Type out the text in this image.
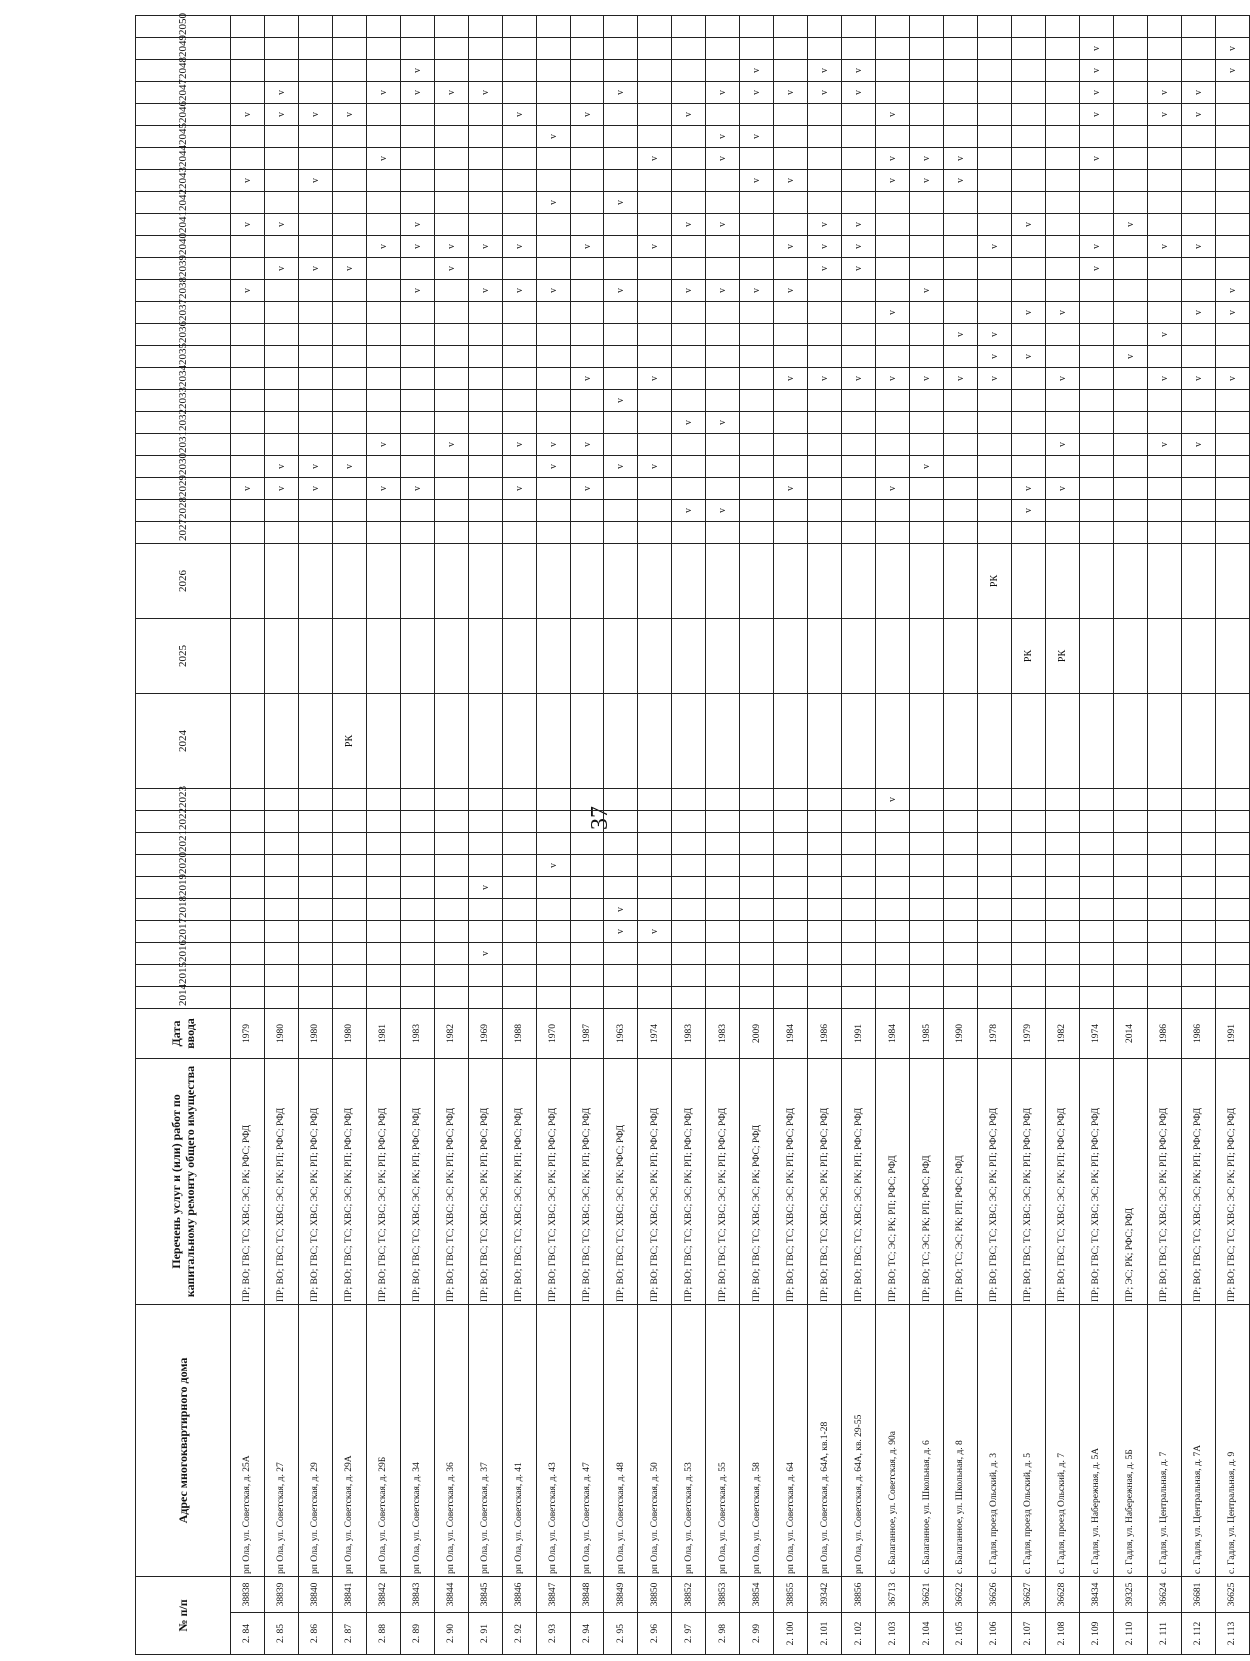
37
№ п/п		Адрес многоквартирного дома	Перечень услуг и (или) работ по капитальному ремонту общего имущества	Дата ввода	2014	2015	2016	2017	2018	2019	2020	2021	2022	2023	2024	2025	2026	2027	2028	2029	2030	2031	2032	2033	2034	2035	2036	2037	2038	2039	2040	2041	2042	2043	2044	2045	2046	2047	2048	2049	2050
2. 84	38838	рп Ола, ул. Советская, д. 25А	ПР; ВО; ГВС; ТС; ХВС; ЭС; РК; РФС; РФД	1979																v									v			v		v			v				
2. 85	38839	рп Ола, ул. Советская, д. 27	ПР; ВО; ГВС; ТС; ХВС; ЭС; РК; РП; РФС; РФД	1980																v	v									v		v					v	v			
2. 86	38840	рп Ола, ул. Советская, д. 29	ПР; ВО; ГВС; ТС; ХВС; ЭС; РК; РП; РФС; РФД	1980																v	v									v				v			v				
2. 87	38841	рп Ола, ул. Советская, д. 29А	ПР; ВО; ГВС; ТС; ХВС; ЭС; РК; РП; РФС; РФД	1980											РК						v									v							v				
2. 88	38842	рп Ола, ул. Советская, д. 29Б	ПР; ВО; ГВС; ТС; ХВС; ЭС; РК; РП; РФС; РФД	1981																v		v									v				v			v			
2. 89	38843	рп Ола, ул. Советская, д. 34	ПР; ВО; ГВС; ТС; ХВС; ЭС; РК; РП; РФС; РФД	1983																v									v		v	v						v	v		
2. 90	38844	рп Ола, ул. Советская, д. 36	ПР; ВО; ГВС; ТС; ХВС; ЭС; РК; РП; РФС; РФД	1982																		v								v	v							v			
2. 91	38845	рп Ола, ул. Советская, д. 37	ПР; ВО; ГВС; ТС; ХВС; ЭС; РК; РП; РФС; РФД	1969			v			v																			v		v							v			
2. 92	38846	рп Ола, ул. Советская, д. 41	ПР; ВО; ГВС; ТС; ХВС; ЭС; РК; РП; РФС; РФД	1988																v		v							v		v						v				
2. 93	38847	рп Ола, ул. Советская, д. 43	ПР; ВО; ГВС; ТС; ХВС; ЭС; РК; РП; РФС; РФД	1970							v										v	v							v				v			v					
2. 94	38848	рп Ола, ул. Советская, д. 47	ПР; ВО; ГВС; ТС; ХВС; ЭС; РК; РП; РФС; РФД	1987																v		v			v						v						v				
2. 95	38849	рп Ола, ул. Советская, д. 48	ПР; ВО; ГВС; ТС; ХВС; ЭС; РК; РФС; РФД	1963				v	v												v			v					v				v					v			
2. 96	38850	рп Ола, ул. Советская, д. 50	ПР; ВО; ГВС; ТС; ХВС; ЭС; РК; РП; РФС; РФД	1974				v													v				v						v				v						
2. 97	38852	рп Ола, ул. Советская, д. 53	ПР; ВО; ГВС; ТС; ХВС; ЭС; РК; РП; РФС; РФД	1983															v				v						v			v					v				
2. 98	38853	рп Ола, ул. Советская, д. 55	ПР; ВО; ГВС; ТС; ХВС; ЭС; РК; РП; РФС; РФД	1983															v				v						v			v			v	v		v			
2. 99	38854	рп Ола, ул. Советская, д. 58	ПР; ВО; ГВС; ТС; ХВС; ЭС; РК; РФС; РФД	2009																									v					v		v		v	v		
2. 100	38855	рп Ола, ул. Советская, д. 64	ПР; ВО; ГВС; ТС; ХВС; ЭС; РК; РП; РФС; РФД	1984																v					v				v		v			v				v			
2. 101	39342	рп Ола, ул. Советская, д. 64А, кв.1-28	ПР; ВО; ГВС; ТС; ХВС; ЭС; РК; РП; РФС; РФД	1986																					v					v	v	v						v	v		
2. 102	38856	рп Ола, ул. Советская, д. 64А, кв. 29-55	ПР; ВО; ГВС; ТС; ХВС; ЭС; РК; РП; РФС; РФД	1991																					v					v	v	v						v	v		
2. 103	36713	с. Балаганное, ул. Советская, д. 90а	ПР; ВО; ТС; ЭС; РК; РП; РФС; РФД	1984										v						v					v			v						v	v		v				
2. 104	36621	с. Балаганное, ул. Школьная, д. 6	ПР; ВО; ТС; ЭС; РК; РП; РФС; РФД	1985																	v				v				v					v	v						
2. 105	36622	с. Балаганное, ул. Школьная, д. 8	ПР; ВО; ТС; ЭС; РК; РП; РФС; РФД	1990																					v		v							v	v						
2. 106	36626	с. Гадля, проезд Ольский, д. 3	ПР; ВО; ГВС; ТС; ХВС; ЭС; РК; РП; РФС; РФД	1978													РК								v	v	v				v										
2. 107	36627	с. Гадля, проезд Ольский, д. 5	ПР; ВО; ГВС; ТС; ХВС; ЭС; РК; РП; РФС; РФД	1979												РК			v	v						v		v				v									
2. 108	36628	с. Гадля, проезд Ольский, д. 7	ПР; ВО; ГВС; ТС; ХВС; ЭС; РК; РП; РФС; РФД	1982												РК				v		v			v			v													
2. 109	38434	с. Гадля, ул. Набережная, д. 5А	ПР; ВО; ГВС; ТС; ХВС; ЭС; РК; РП; РФС; РФД	1974																										v	v				v		v	v	v	v	
2. 110	39325	с. Гадля, ул. Набережная, д. 5Б	ПР; ЭС; РК; РФС; РФД	2014																						v						v									
2. 111	36624	с. Гадля, ул. Центральная, д. 7	ПР; ВО; ГВС; ТС; ХВС; ЭС; РК; РП; РФС; РФД	1986																		v			v		v				v						v	v			
2. 112	36681	с. Гадля, ул. Центральная, д. 7А	ПР; ВО; ГВС; ТС; ХВС; ЭС; РК; РП; РФС; РФД	1986																		v			v			v			v						v	v			
2. 113	36625	с. Гадля, ул. Центральная, д. 9	ПР; ВО; ГВС; ТС; ХВС; ЭС; РК; РП; РФС; РФД	1991																					v			v	v										v	v	
